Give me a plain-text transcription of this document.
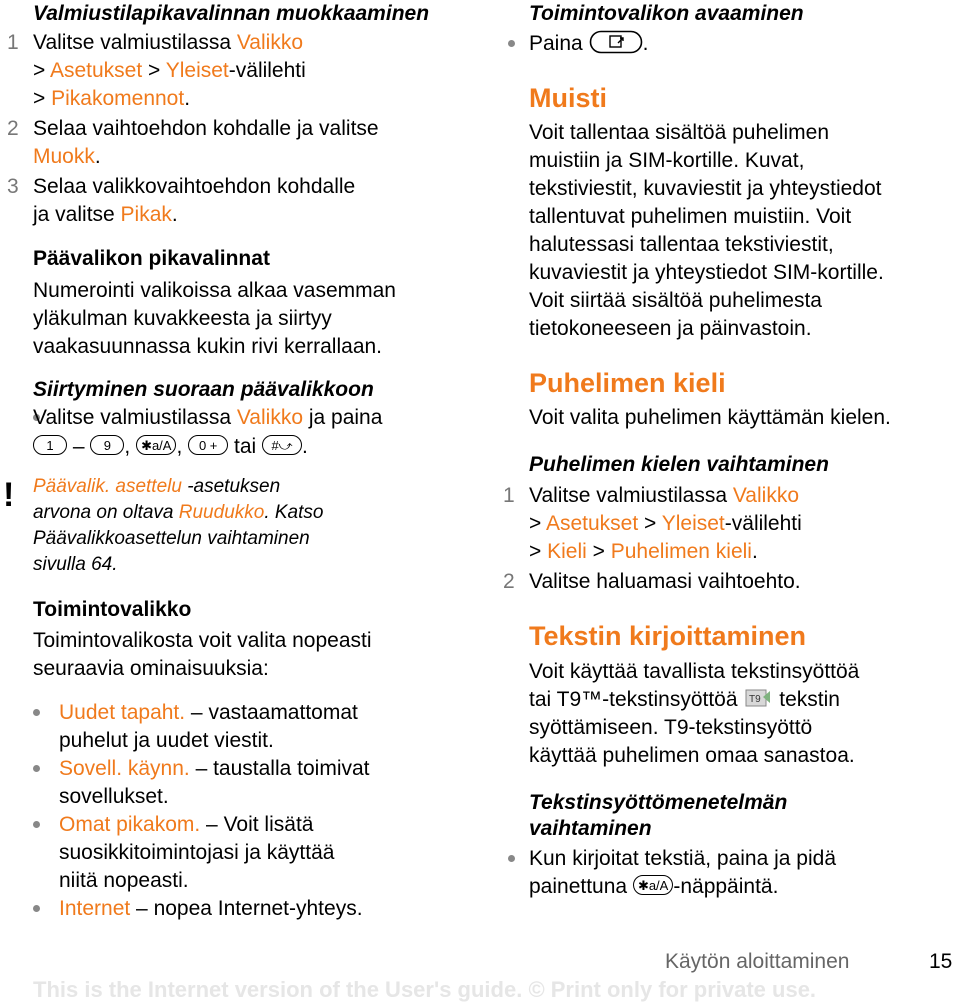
Valmiustilapikavalinnan muokkaaminen
1 Valitse valmiustilassa Valikko

> Asetukset > Yleiset-välilehti

> Pikakomennot.

2 Selaa vaihtoehdon kohdalle ja valitse

Muokk.

3 Selaa valikkovaihtoehdon kohdalle

ja valitse Pikak.

Päävalikon pikavalinnat

Numerointi valikoissa alkaa vasemman

yläkulman kuvakkeesta ja siirtyy

vaakasuunnassa kukin rivi kerrallaan.

Siirtyminen suoraan päävalikkoon

Valitse valmiustilassa Valikko ja paina

1 – 9 , ✱a/A , 0 + tai #⤻ .

! Päävalik. asettelu -asetuksen

arvona on oltava Ruudukko. Katso

Päävalikkoasettelun vaihtaminen

sivulla 64.

Toimintovalikko

Toimintovalikosta voit valita nopeasti

seuraavia ominaisuuksia:

Uudet tapaht. – vastaamattomat

puhelut ja uudet viestit.

Sovell. käynn. – taustalla toimivat

sovellukset.

Omat pikakom. – Voit lisätä

suosikkitoimintojasi ja käyttää

niitä nopeasti.

Internet – nopea Internet-yhteys.

Toimintovalikon avaaminen

Paina	.

Muisti

Voit tallentaa sisältöä puhelimen

muistiin ja SIM-kortille. Kuvat,

tekstiviestit, kuvaviestit ja yhteystiedot

tallentuvat puhelimen muistiin. Voit

halutessasi tallentaa tekstiviestit,

kuvaviestit ja yhteystiedot SIM-kortille.

Voit siirtää sisältöä puhelimesta

tietokoneeseen ja päinvastoin.

Puhelimen kieli

Voit valita puhelimen käyttämän kielen.

Puhelimen kielen vaihtaminen
1 Valitse valmiustilassa Valikko

> Asetukset > Yleiset-välilehti

> Kieli > Puhelimen kieli.

2 Valitse haluamasi vaihtoehto.

Tekstin kirjoittaminen

Voit käyttää tavallista tekstinsyöttöä

tai T9™-tekstinsyöttöä T9 tekstin

syöttämiseen. T9-tekstinsyöttö

käyttää puhelimen omaa sanastoa.

Tekstinsyöttömenetelmän
vaihtaminen

Kun kirjoitat tekstiä, paina ja pidä

painettuna ✱a/A -näppäintä.

Käytön aloittaminen	15
This is the Internet version of the User's guide. © Print only for private use.
